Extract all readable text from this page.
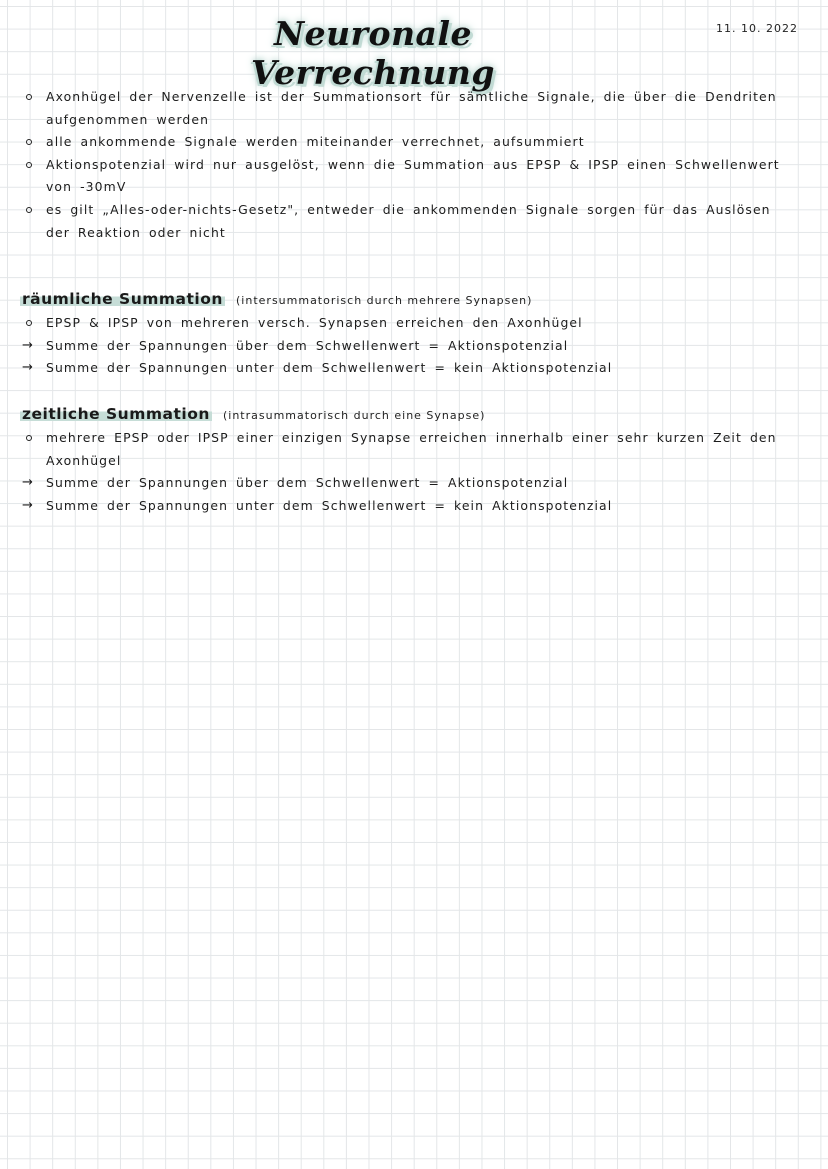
Neuronale Verrechnung
11. 10. 2022
Axonhügel der Nervenzelle ist der Summationsort für sämtliche Signale, die über die Dendriten aufgenommen werden
alle ankommende Signale werden miteinander verrechnet, aufsummiert
Aktionspotenzial wird nur ausgelöst, wenn die Summation aus EPSP & IPSP einen Schwellenwert von -30mV
es gilt „Alles-oder-nichts-Gesetz", entweder die ankommenden Signale sorgen für das Auslösen der Reaktion oder nicht
räumliche Summation (intersummatorisch durch mehrere Synapsen)
EPSP & IPSP von mehreren versch. Synapsen erreichen den Axonhügel
→ Summe der Spannungen über dem Schwellenwert = Aktionspotenzial
→ Summe der Spannungen unter dem Schwellenwert = kein Aktionspotenzial
zeitliche Summation (intrasummatorisch durch eine Synapse)
mehrere EPSP oder IPSP einer einzigen Synapse erreichen innerhalb einer sehr kurzen Zeit den Axonhügel
→ Summe der Spannungen über dem Schwellenwert = Aktionspotenzial
→ Summe der Spannungen unter dem Schwellenwert = kein Aktionspotenzial
